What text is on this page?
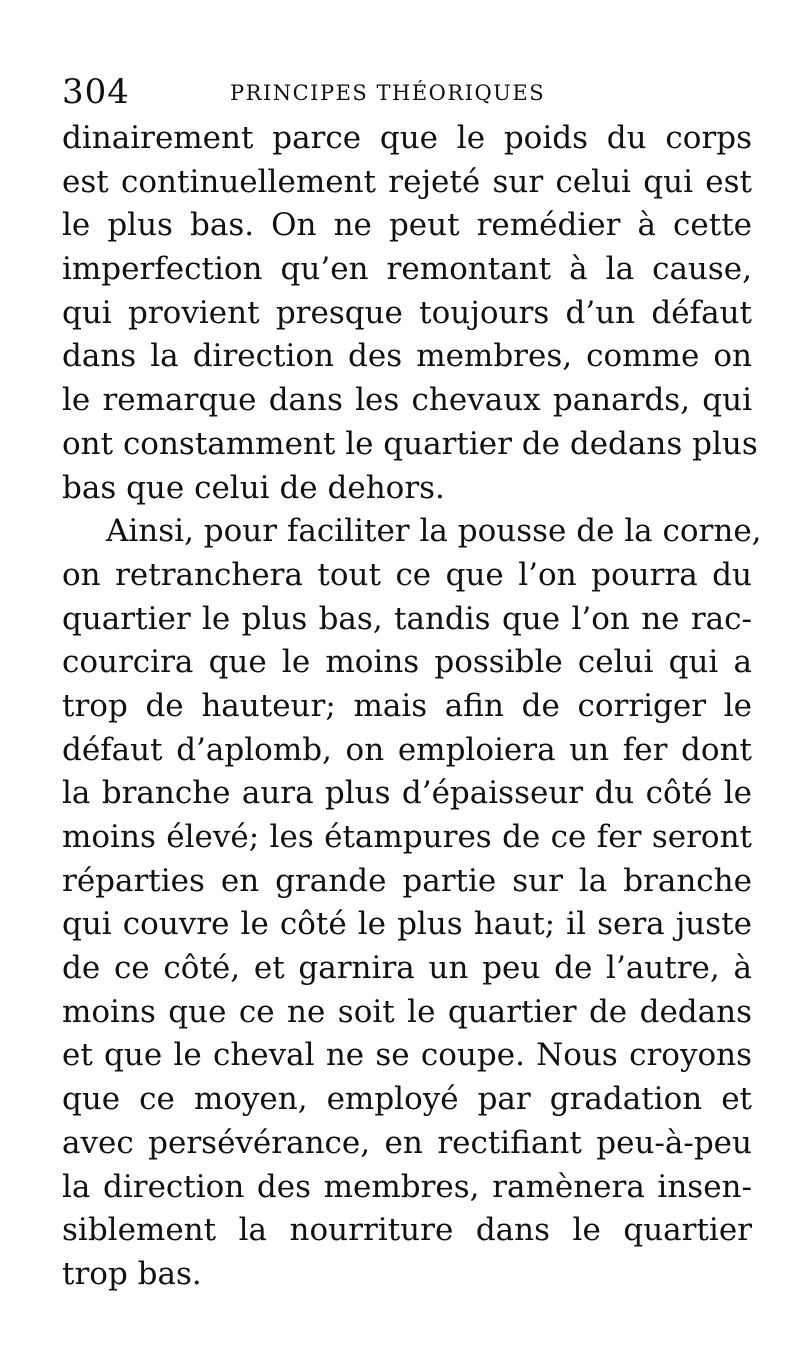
304	PRINCIPES THÉORIQUES
dinairement parce que le poids du corps
est continuellement rejeté sur celui qui est
le plus bas. On ne peut remédier à cette
imperfection qu’en remontant à la cause,
qui provient presque toujours d’un défaut
dans la direction des membres, comme on
le remarque dans les chevaux panards, qui
ont constamment le quartier de dedans plus
bas que celui de dehors.
Ainsi, pour faciliter la pousse de la corne,
on retranchera tout ce que l’on pourra du
quartier le plus bas, tandis que l’on ne rac-
courcira que le moins possible celui qui a
trop de hauteur; mais afin de corriger le
défaut d’aplomb, on emploiera un fer dont
la branche aura plus d’épaisseur du côté le
moins élevé; les étampures de ce fer seront
réparties en grande partie sur la branche
qui couvre le côté le plus haut; il sera juste
de ce côté, et garnira un peu de l’autre, à
moins que ce ne soit le quartier de dedans
et que le cheval ne se coupe. Nous croyons
que ce moyen, employé par gradation et
avec persévérance, en rectifiant peu-à-peu
la direction des membres, ramènera insen-
siblement la nourriture dans le quartier
trop bas.
